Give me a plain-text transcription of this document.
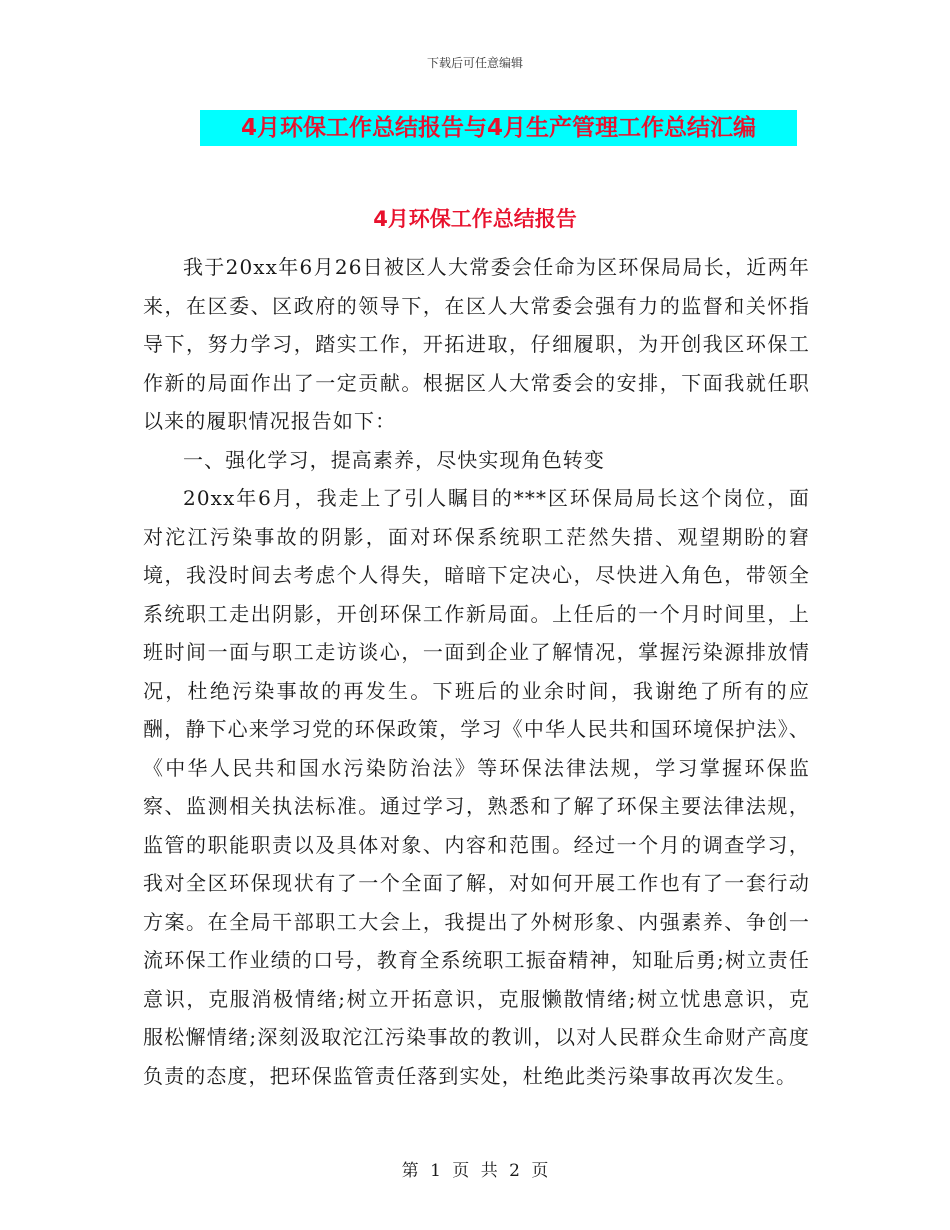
下载后可任意编辑
4月环保工作总结报告与4月生产管理工作总结汇编
4月环保工作总结报告

我于20xx年6月26日被区人大常委会任命为区环保局局长，近两年来，在区委、区政府的领导下，在区人大常委会强有力的监督和关怀指导下，努力学习，踏实工作，开拓进取，仔细履职，为开创我区环保工作新的局面作出了一定贡献。根据区人大常委会的安排，下面我就任职以来的履职情况报告如下：

一、强化学习，提高素养，尽快实现角色转变

20xx年6月，我走上了引人瞩目的***区环保局局长这个岗位，面对沱江污染事故的阴影，面对环保系统职工茫然失措、观望期盼的窘境，我没时间去考虑个人得失，暗暗下定决心，尽快进入角色，带领全系统职工走出阴影，开创环保工作新局面。上任后的一个月时间里，上班时间一面与职工走访谈心，一面到企业了解情况，掌握污染源排放情况，杜绝污染事故的再发生。下班后的业余时间，我谢绝了所有的应酬，静下心来学习党的环保政策，学习《中华人民共和国环境保护法》、《中华人民共和国水污染防治法》等环保法律法规，学习掌握环保监察、监测相关执法标准。通过学习，熟悉和了解了环保主要法律法规，监管的职能职责以及具体对象、内容和范围。经过一个月的调查学习，我对全区环保现状有了一个全面了解，对如何开展工作也有了一套行动方案。在全局干部职工大会上，我提出了外树形象、内强素养、争创一流环保工作业绩的口号，教育全系统职工振奋精神，知耻后勇;树立责任意识，克服消极情绪;树立开拓意识，克服懒散情绪;树立忧患意识，克服松懈情绪;深刻汲取沱江污染事故的教训，以对人民群众生命财产高度负责的态度，把环保监管责任落到实处，杜绝此类污染事故再次发生。

第 1 页 共 2 页
